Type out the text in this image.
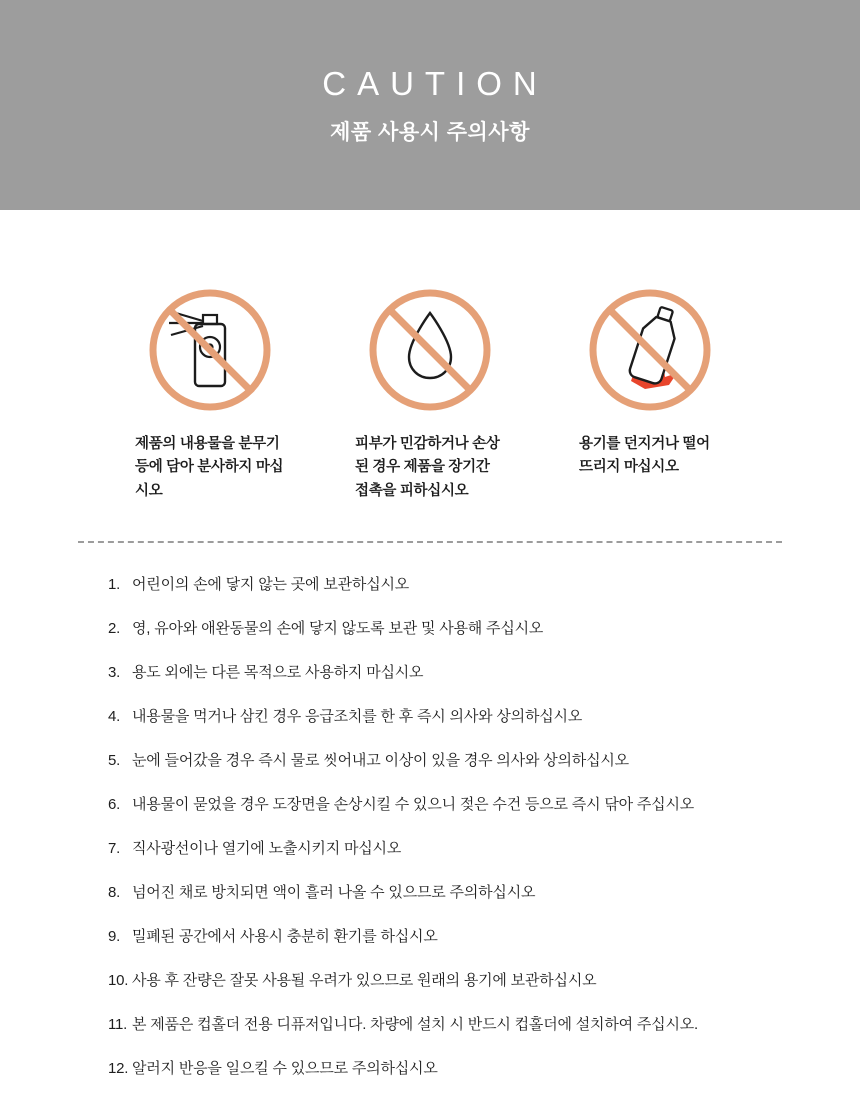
CAUTION
제품 사용시 주의사항
제품의 내용물을 분무기 등에 담아 분사하지 마십시오
피부가 민감하거나 손상된 경우 제품을 장기간 접촉을 피하십시오
용기를 던지거나 떨어뜨리지 마십시오
1. 어린이의 손에 닿지 않는 곳에 보관하십시오
2. 영, 유아와 애완동물의 손에 닿지 않도록 보관 및 사용해 주십시오
3. 용도 외에는 다른 목적으로 사용하지 마십시오
4. 내용물을 먹거나 삼킨 경우 응급조치를 한 후 즉시 의사와 상의하십시오
5. 눈에 들어갔을 경우 즉시 물로 씻어내고 이상이 있을 경우 의사와 상의하십시오
6. 내용물이 묻었을 경우 도장면을 손상시킬 수 있으니 젖은 수건 등으로 즉시 닦아 주십시오
7. 직사광선이나 열기에 노출시키지 마십시오
8. 넘어진 채로 방치되면 액이 흘러 나올 수 있으므로 주의하십시오
9. 밀폐된 공간에서 사용시 충분히 환기를 하십시오
10. 사용 후 잔량은 잘못 사용될 우려가 있으므로 원래의 용기에 보관하십시오
11. 본 제품은 컵홀더 전용 디퓨저입니다. 차량에 설치 시 반드시 컵홀더에 설치하여 주십시오.
12. 알러지 반응을 일으킬 수 있으므로 주의하십시오
